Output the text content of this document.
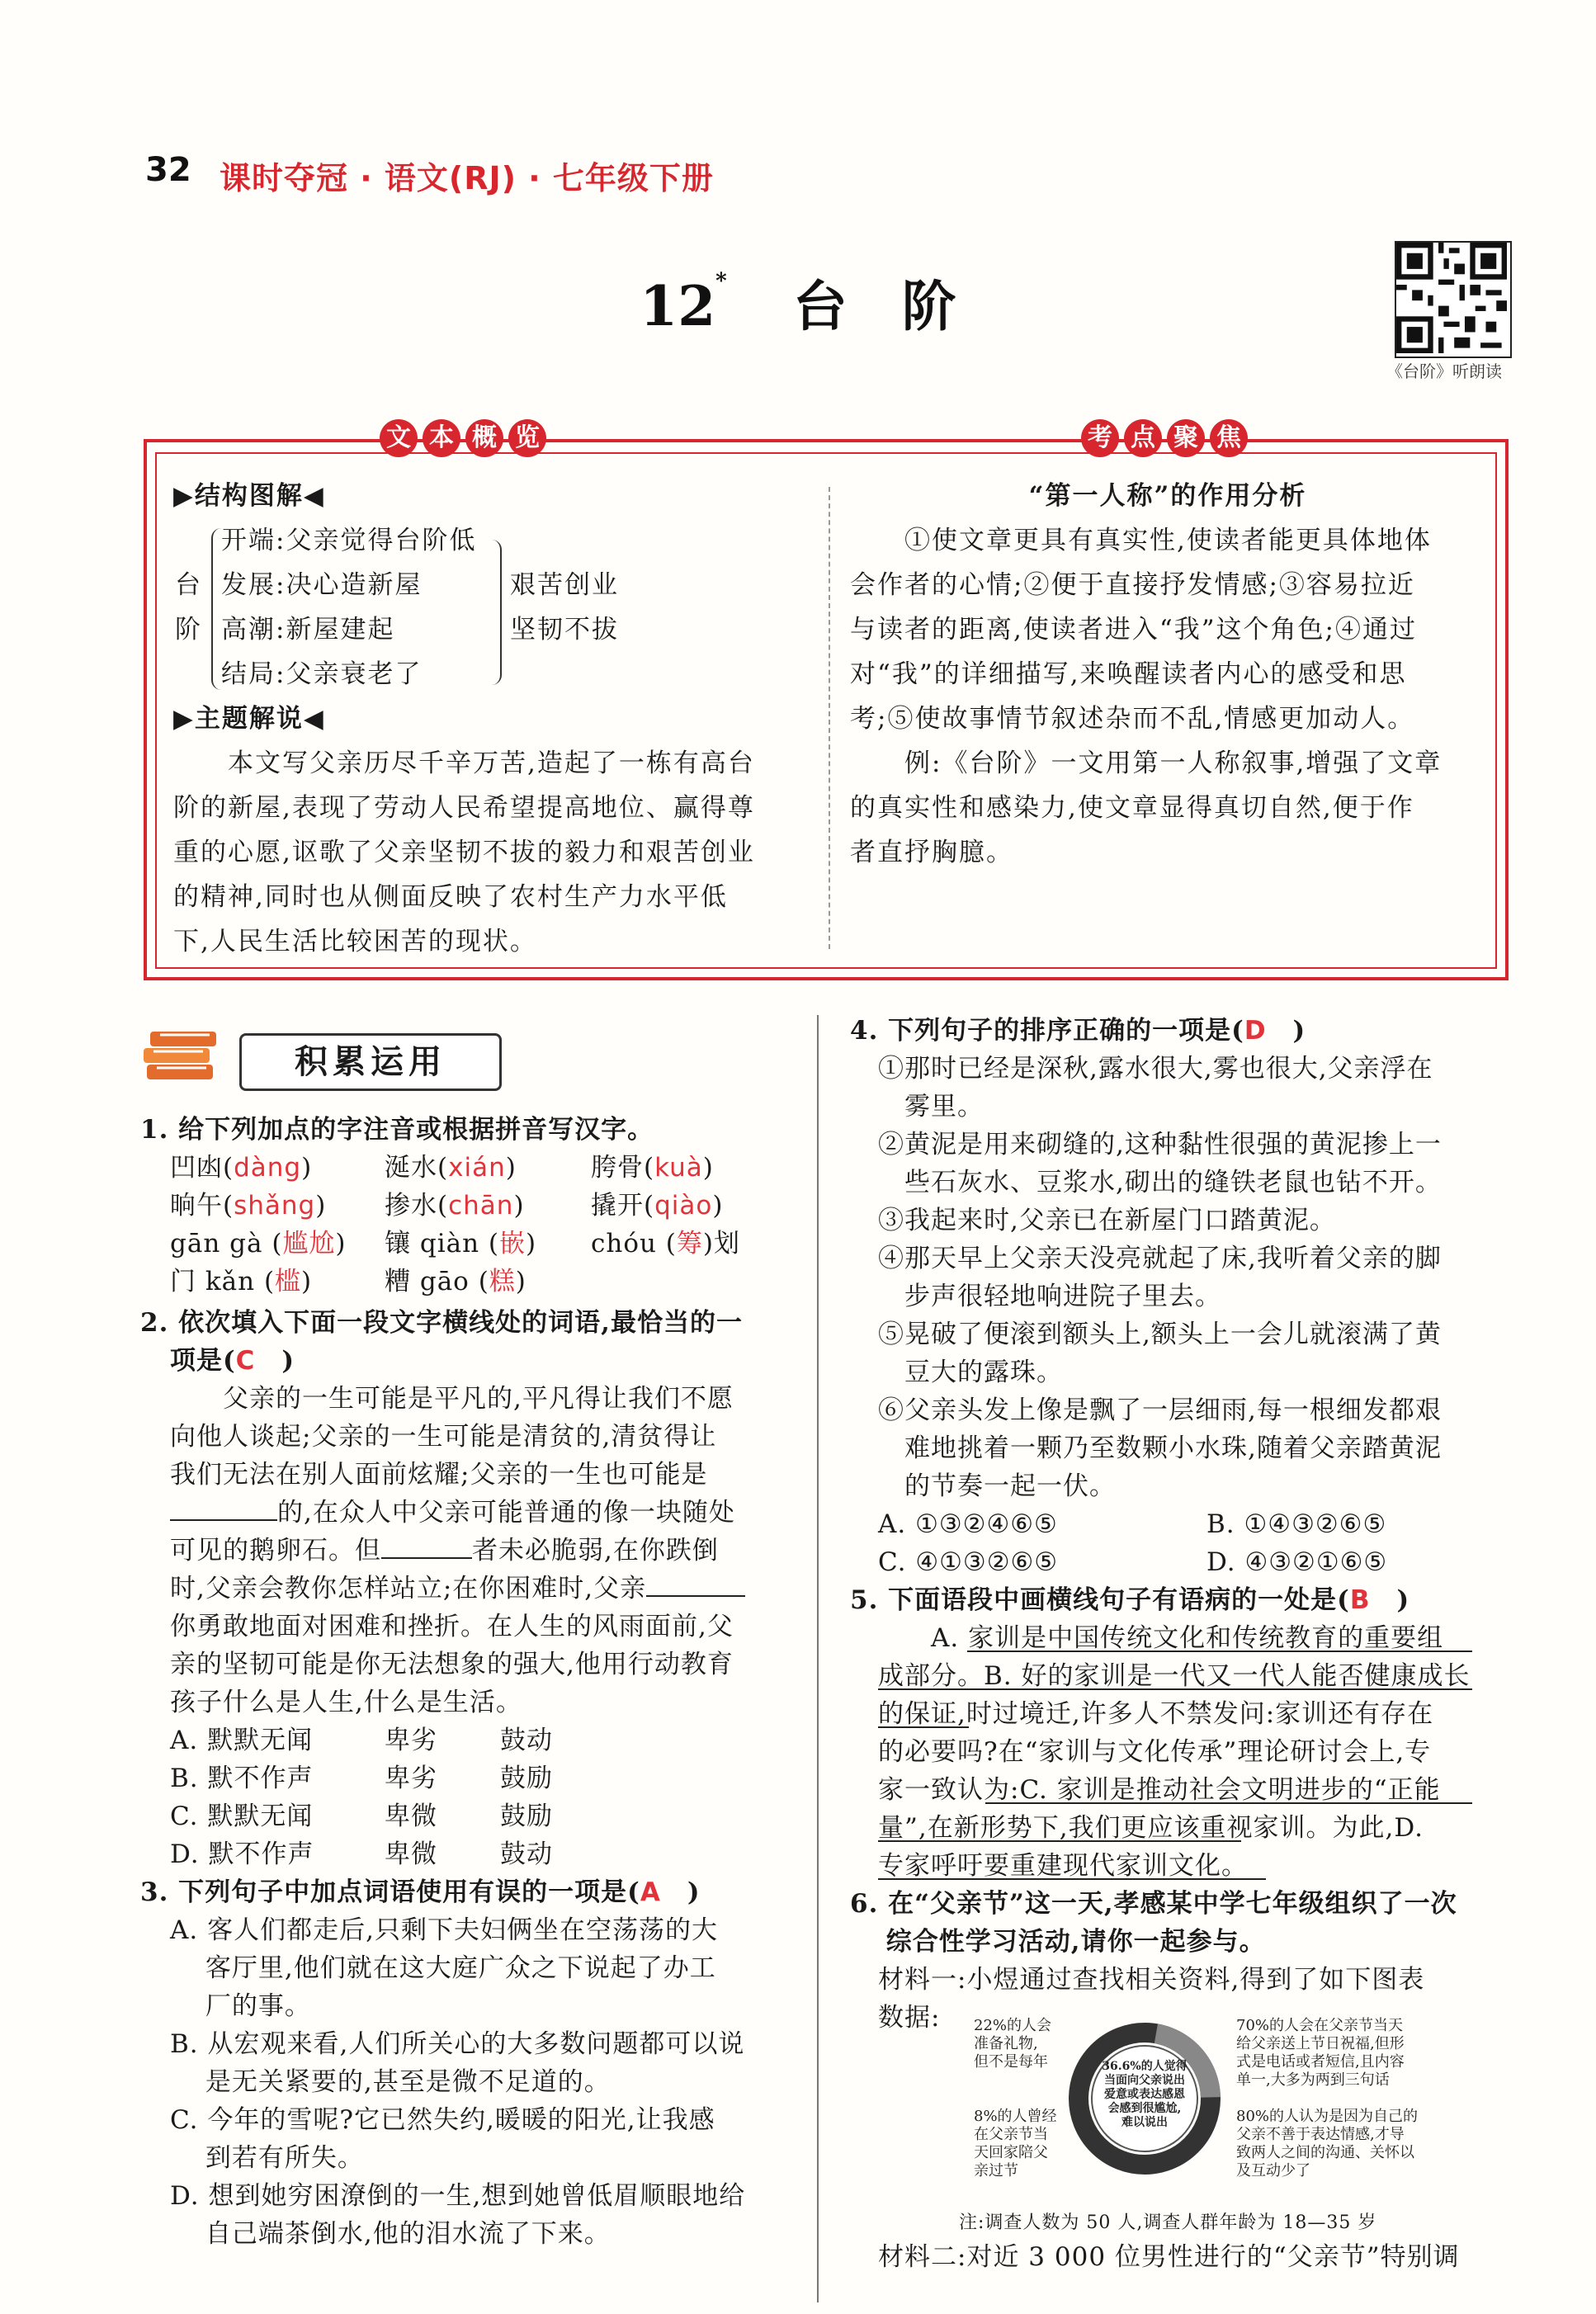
32 课时夺冠 · 语文(RJ) · 七年级下册
12* 台　阶
《台阶》听朗读
文 本 概 览	考 点 聚 焦
▶结构图解◀
台
阶
开端:父亲觉得台阶低
发展:决心造新屋
高潮:新屋建起
结局:父亲衰老了
艰苦创业
坚韧不拔
▶主题解说◀
　　本文写父亲历尽千辛万苦,造起了一栋有高台
阶的新屋,表现了劳动人民希望提高地位、赢得尊
重的心愿,讴歌了父亲坚韧不拔的毅力和艰苦创业
的精神,同时也从侧面反映了农村生产力水平低
下,人民生活比较困苦的现状。
“第一人称”的作用分析
　　①使文章更具有真实性,使读者能更具体地体
会作者的心情;②便于直接抒发情感;③容易拉近
与读者的距离,使读者进入“我”这个角色;④通过
对“我”的详细描写,来唤醒读者内心的感受和思
考;⑤使故事情节叙述杂而不乱,情感更加动人。
　　例:《台阶》一文用第一人称叙事,增强了文章
的真实性和感染力,使文章显得真切自然,便于作
者直抒胸臆。
积累运用
1. 给下列加点的字注音或根据拼音写汉字。
凹凼(dàng)	涎水(xián)	胯骨(kuà)
晌午(shǎng) 掺水(chān)	撬开(qiào)
gān gà (尴尬) 镶 qiàn (嵌) chóu (筹)划
门 kǎn (槛)	糟 gāo (糕)
2. 依次填入下面一段文字横线处的词语,最恰当的一
项是(C　)
　　父亲的一生可能是平凡的,平凡得让我们不愿
向他人谈起;父亲的一生可能是清贫的,清贫得让
我们无法在别人面前炫耀;父亲的一生也可能是
的,在众人中父亲可能普通的像一块随处
可见的鹅卵石。但	者未必脆弱,在你跌倒
时,父亲会教你怎样站立;在你困难时,父亲
你勇敢地面对困难和挫折。在人生的风雨面前,父
亲的坚韧可能是你无法想象的强大,他用行动教育
孩子什么是人生,什么是生活。
A. 默默无闻	卑劣 鼓动
B. 默不作声	卑劣 鼓励
C. 默默无闻	卑微 鼓励
D. 默不作声	卑微 鼓动
3. 下列句子中加点词语使用有误的一项是(A　)
A. 客人们都走后,只剩下夫妇俩坐在空荡荡的大
　 客厅里,他们就在这大庭广众之下说起了办工
　 厂的事。
B. 从宏观来看,人们所关心的大多数问题都可以说
　 是无关紧要的,甚至是微不足道的。
C. 今年的雪呢?它已然失约,暖暖的阳光,让我感
　 到若有所失。
D. 想到她穷困潦倒的一生,想到她曾低眉顺眼地给
　 自己端茶倒水,他的泪水流了下来。
4. 下列句子的排序正确的一项是(D　)
①那时已经是深秋,露水很大,雾也很大,父亲浮在
　雾里。
②黄泥是用来砌缝的,这种黏性很强的黄泥掺上一
　些石灰水、豆浆水,砌出的缝铁老鼠也钻不开。
③我起来时,父亲已在新屋门口踏黄泥。
④那天早上父亲天没亮就起了床,我听着父亲的脚
　步声很轻地响进院子里去。
⑤晃破了便滚到额头上,额头上一会儿就滚满了黄
　豆大的露珠。
⑥父亲头发上像是飘了一层细雨,每一根细发都艰
　难地挑着一颗乃至数颗小水珠,随着父亲踏黄泥
　的节奏一起一伏。
A. ①③②④⑥⑤	B. ①④③②⑥⑤
C. ④①③②⑥⑤	D. ④③②①⑥⑤
5. 下面语段中画横线句子有语病的一处是(B　)
　　A. 家训是中国传统文化和传统教育的重要组
成部分。B. 好的家训是一代又一代人能否健康成长
的保证,时过境迁,许多人不禁发问:家训还有存在
的必要吗?在“家训与文化传承”理论研讨会上,专
家一致认为:C. 家训是推动社会文明进步的“正能
量”,在新形势下,我们更应该重视家训。为此,D.
专家呼吁要重建现代家训文化。
6. 在“父亲节”这一天,孝感某中学七年级组织了一次
　 综合性学习活动,请你一起参与。
材料一:小煜通过查找相关资料,得到了如下图表
数据: 22%的人会
准备礼物,
但不是每年
8%的人曾经
在父亲节当
天回家陪父
亲过节
36.6%的人觉得
当面向父亲说出
爱意或表达感恩
会感到很尴尬,
难以说出
70%的人会在父亲节当天
给父亲送上节日祝福,但形
式是电话或者短信,且内容
单一,大多为两到三句话
80%的人认为是因为自己的
父亲不善于表达情感,才导
致两人之间的沟通、关怀以
及互动少了
注:调查人数为 50 人,调查人群年龄为 18—35 岁
材料二:对近 3 000 位男性进行的“父亲节”特别调
